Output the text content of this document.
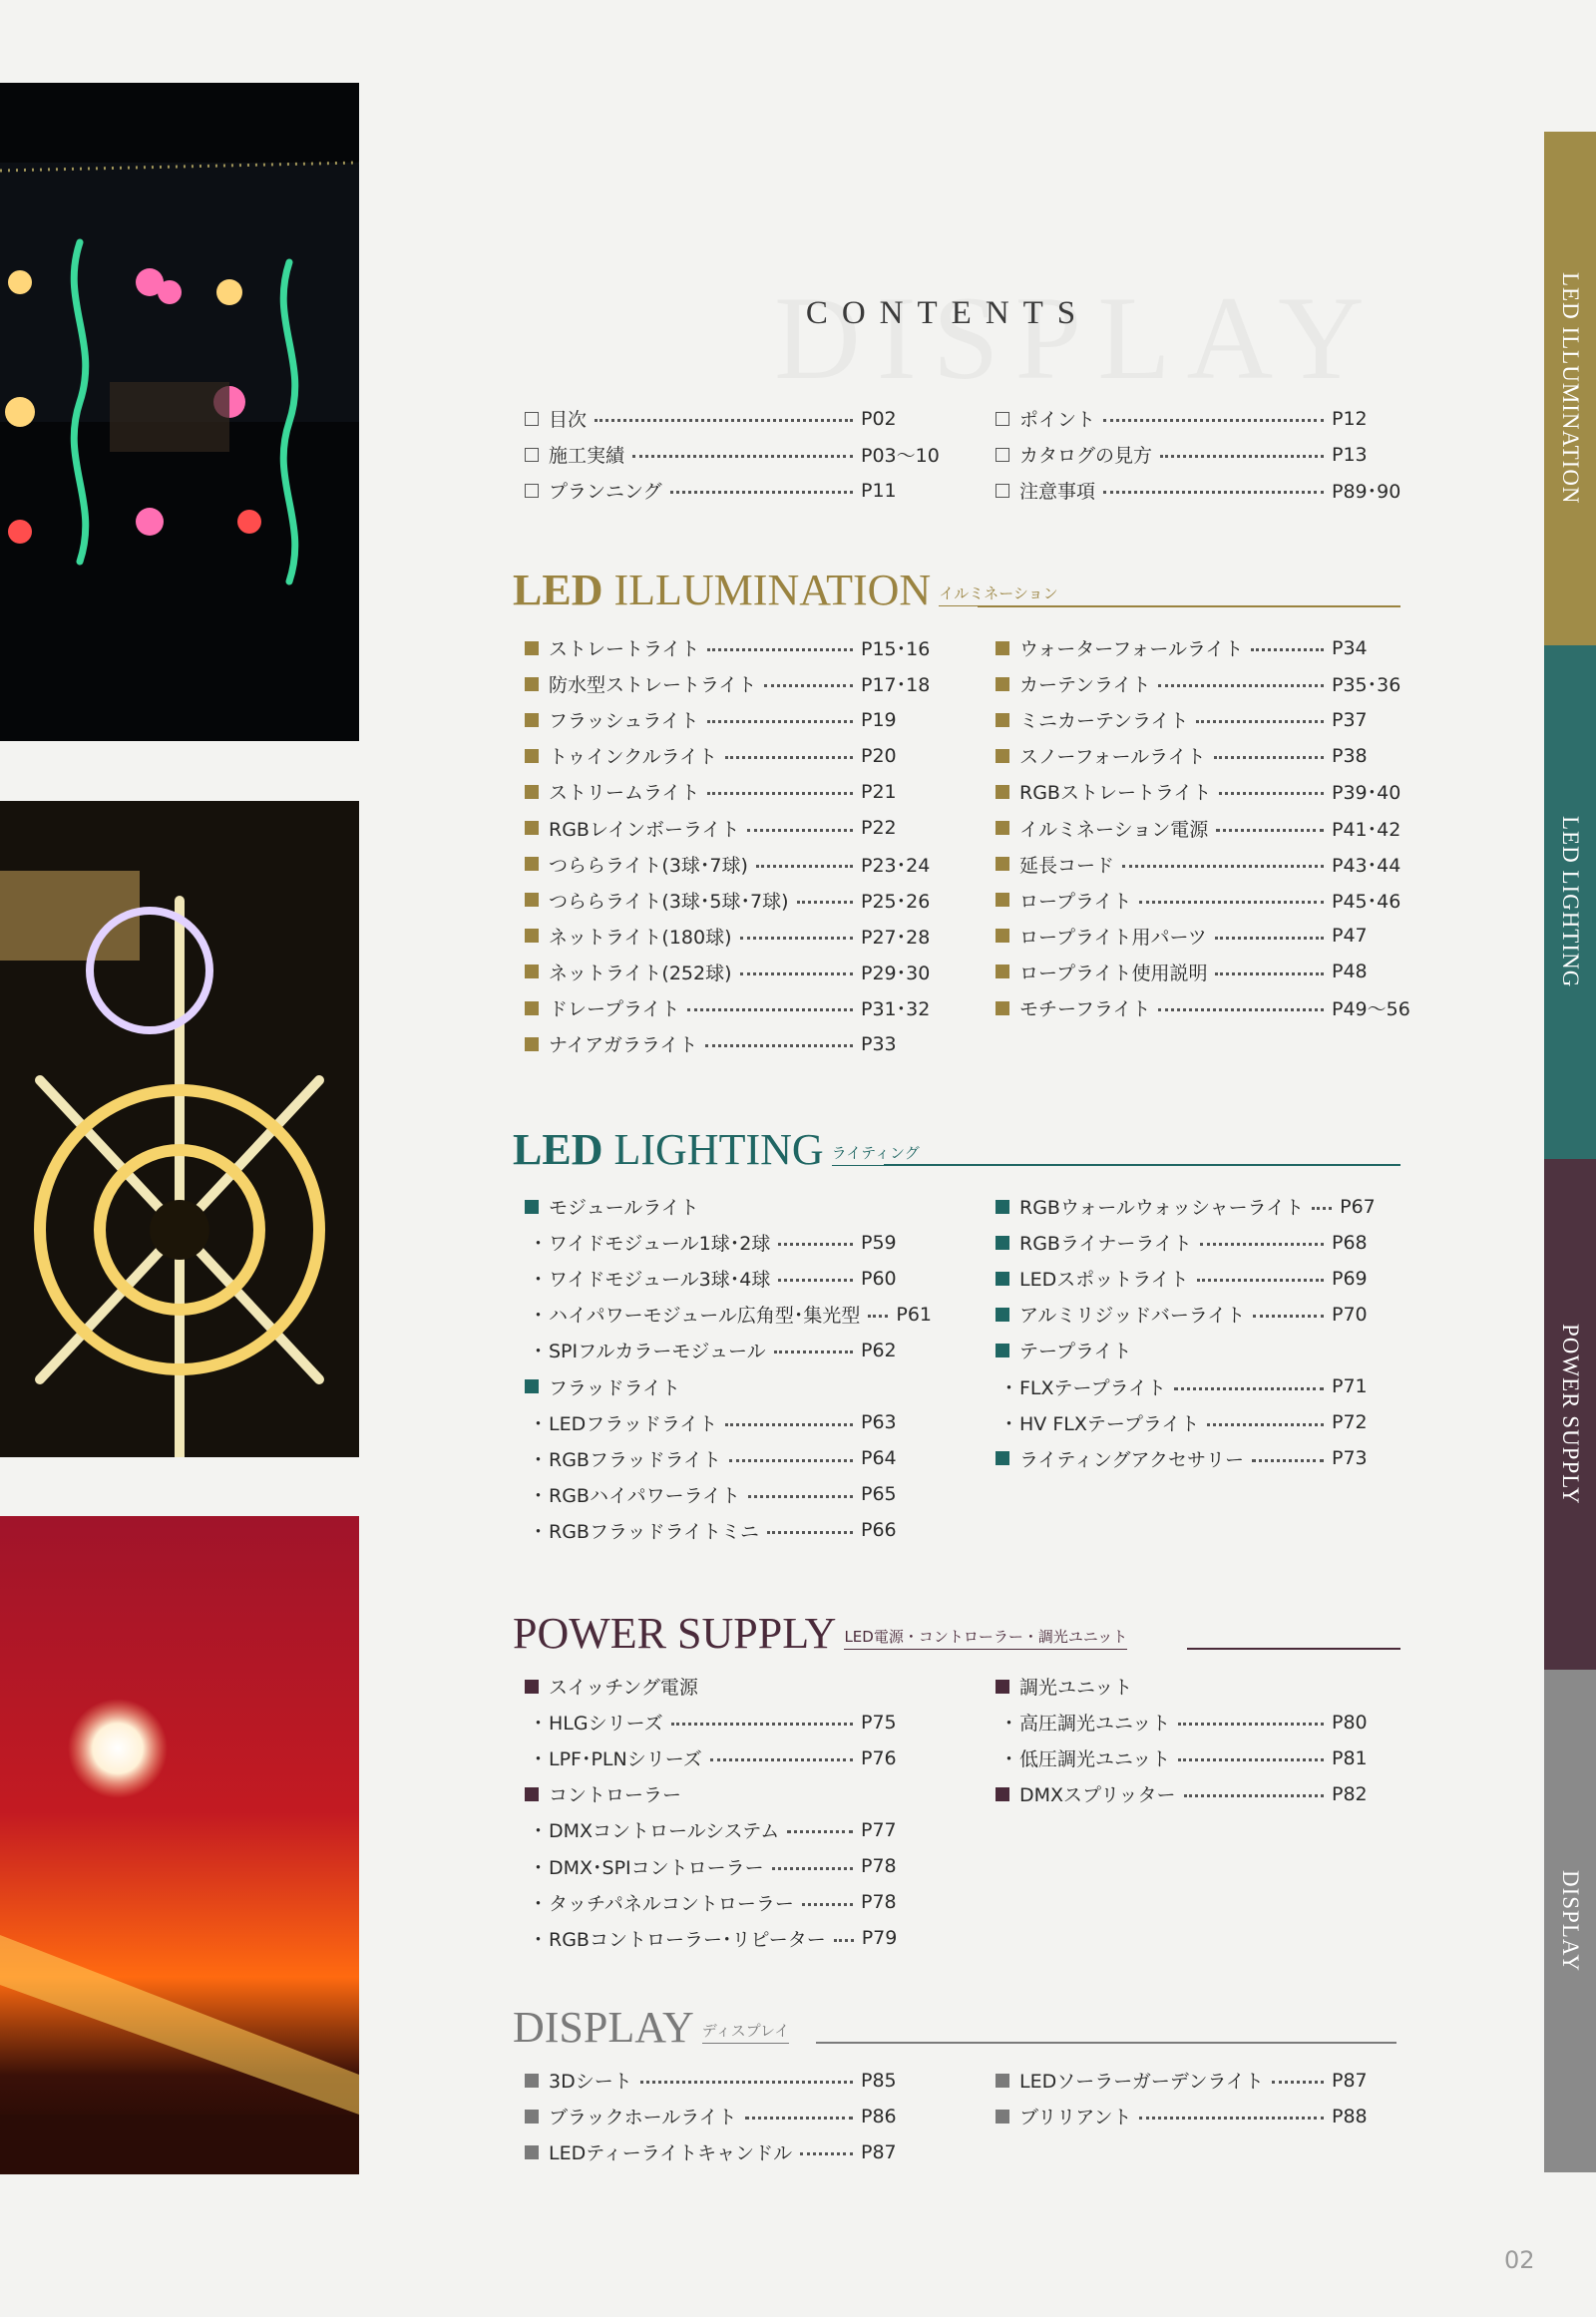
LED ILLUMINATION
LED LIGHTING
POWER SUPPLY
DISPLAY
CONTENTS
目次	P02
施工実績	P03〜10
プランニング	P11
ポイント	P12
カタログの見方	P13
注意事項	P89･90
ストレートライト	P15･16
防水型ストレートライト	P17･18
フラッシュライト	P19
トゥインクルライト	P20
ストリームライト	P21
RGBレインボーライト	P22
つららライト(3球･7球)	P23･24
つららライト(3球･5球･7球)	P25･26
ネットライト(180球)	P27･28
ネットライト(252球)	P29･30
ドレープライト	P31･32
ナイアガラライト	P33
ウォーターフォールライト	P34
カーテンライト	P35･36
ミニカーテンライト	P37
スノーフォールライト	P38
RGBストレートライト	P39･40
イルミネーション電源	P41･42
延長コード	P43･44
ロープライト	P45･46
ロープライト用パーツ	P47
ロープライト使用説明	P48
モチーフライト	P49〜56
モジュールライト
・ ワイドモジュール1球･2球	P59
・ ワイドモジュール3球･4球	P60
・ ハイパワーモジュール広角型･集光型 P61
・ SPIフルカラーモジュール	P62
フラッドライト
・ LEDフラッドライト	P63
・ RGBフラッドライト	P64
・ RGBハイパワーライト	P65
・ RGBフラッドライトミニ	P66
RGBウォールウォッシャーライト P67
RGBライナーライト	P68
LEDスポットライト	P69
アルミリジッドバーライト	P70
テープライト
・ FLXテープライト	P71
・ HV FLXテープライト	P72
ライティングアクセサリー	P73
スイッチング電源
・ HLGシリーズ	P75
・ LPF･PLNシリーズ	P76
コントローラー
・ DMXコントロールシステム	P77
・ DMX･SPIコントローラー	P78
・ タッチパネルコントローラー	P78
・ RGBコントローラー･リピーター P79
調光ユニット
・ 高圧調光ユニット	P80
・ 低圧調光ユニット	P81
DMXスプリッター	P82
3Dシート	P85
ブラックホールライト	P86
LEDティーライトキャンドル	P87
LEDソーラーガーデンライト	P87
ブリリアント	P88
LED ILLUMINATION イルミネーション
LED LIGHTING ライティング
POWER SUPPLY LED電源・コントローラー・調光ユニット
DISPLAY ディスプレイ
02
